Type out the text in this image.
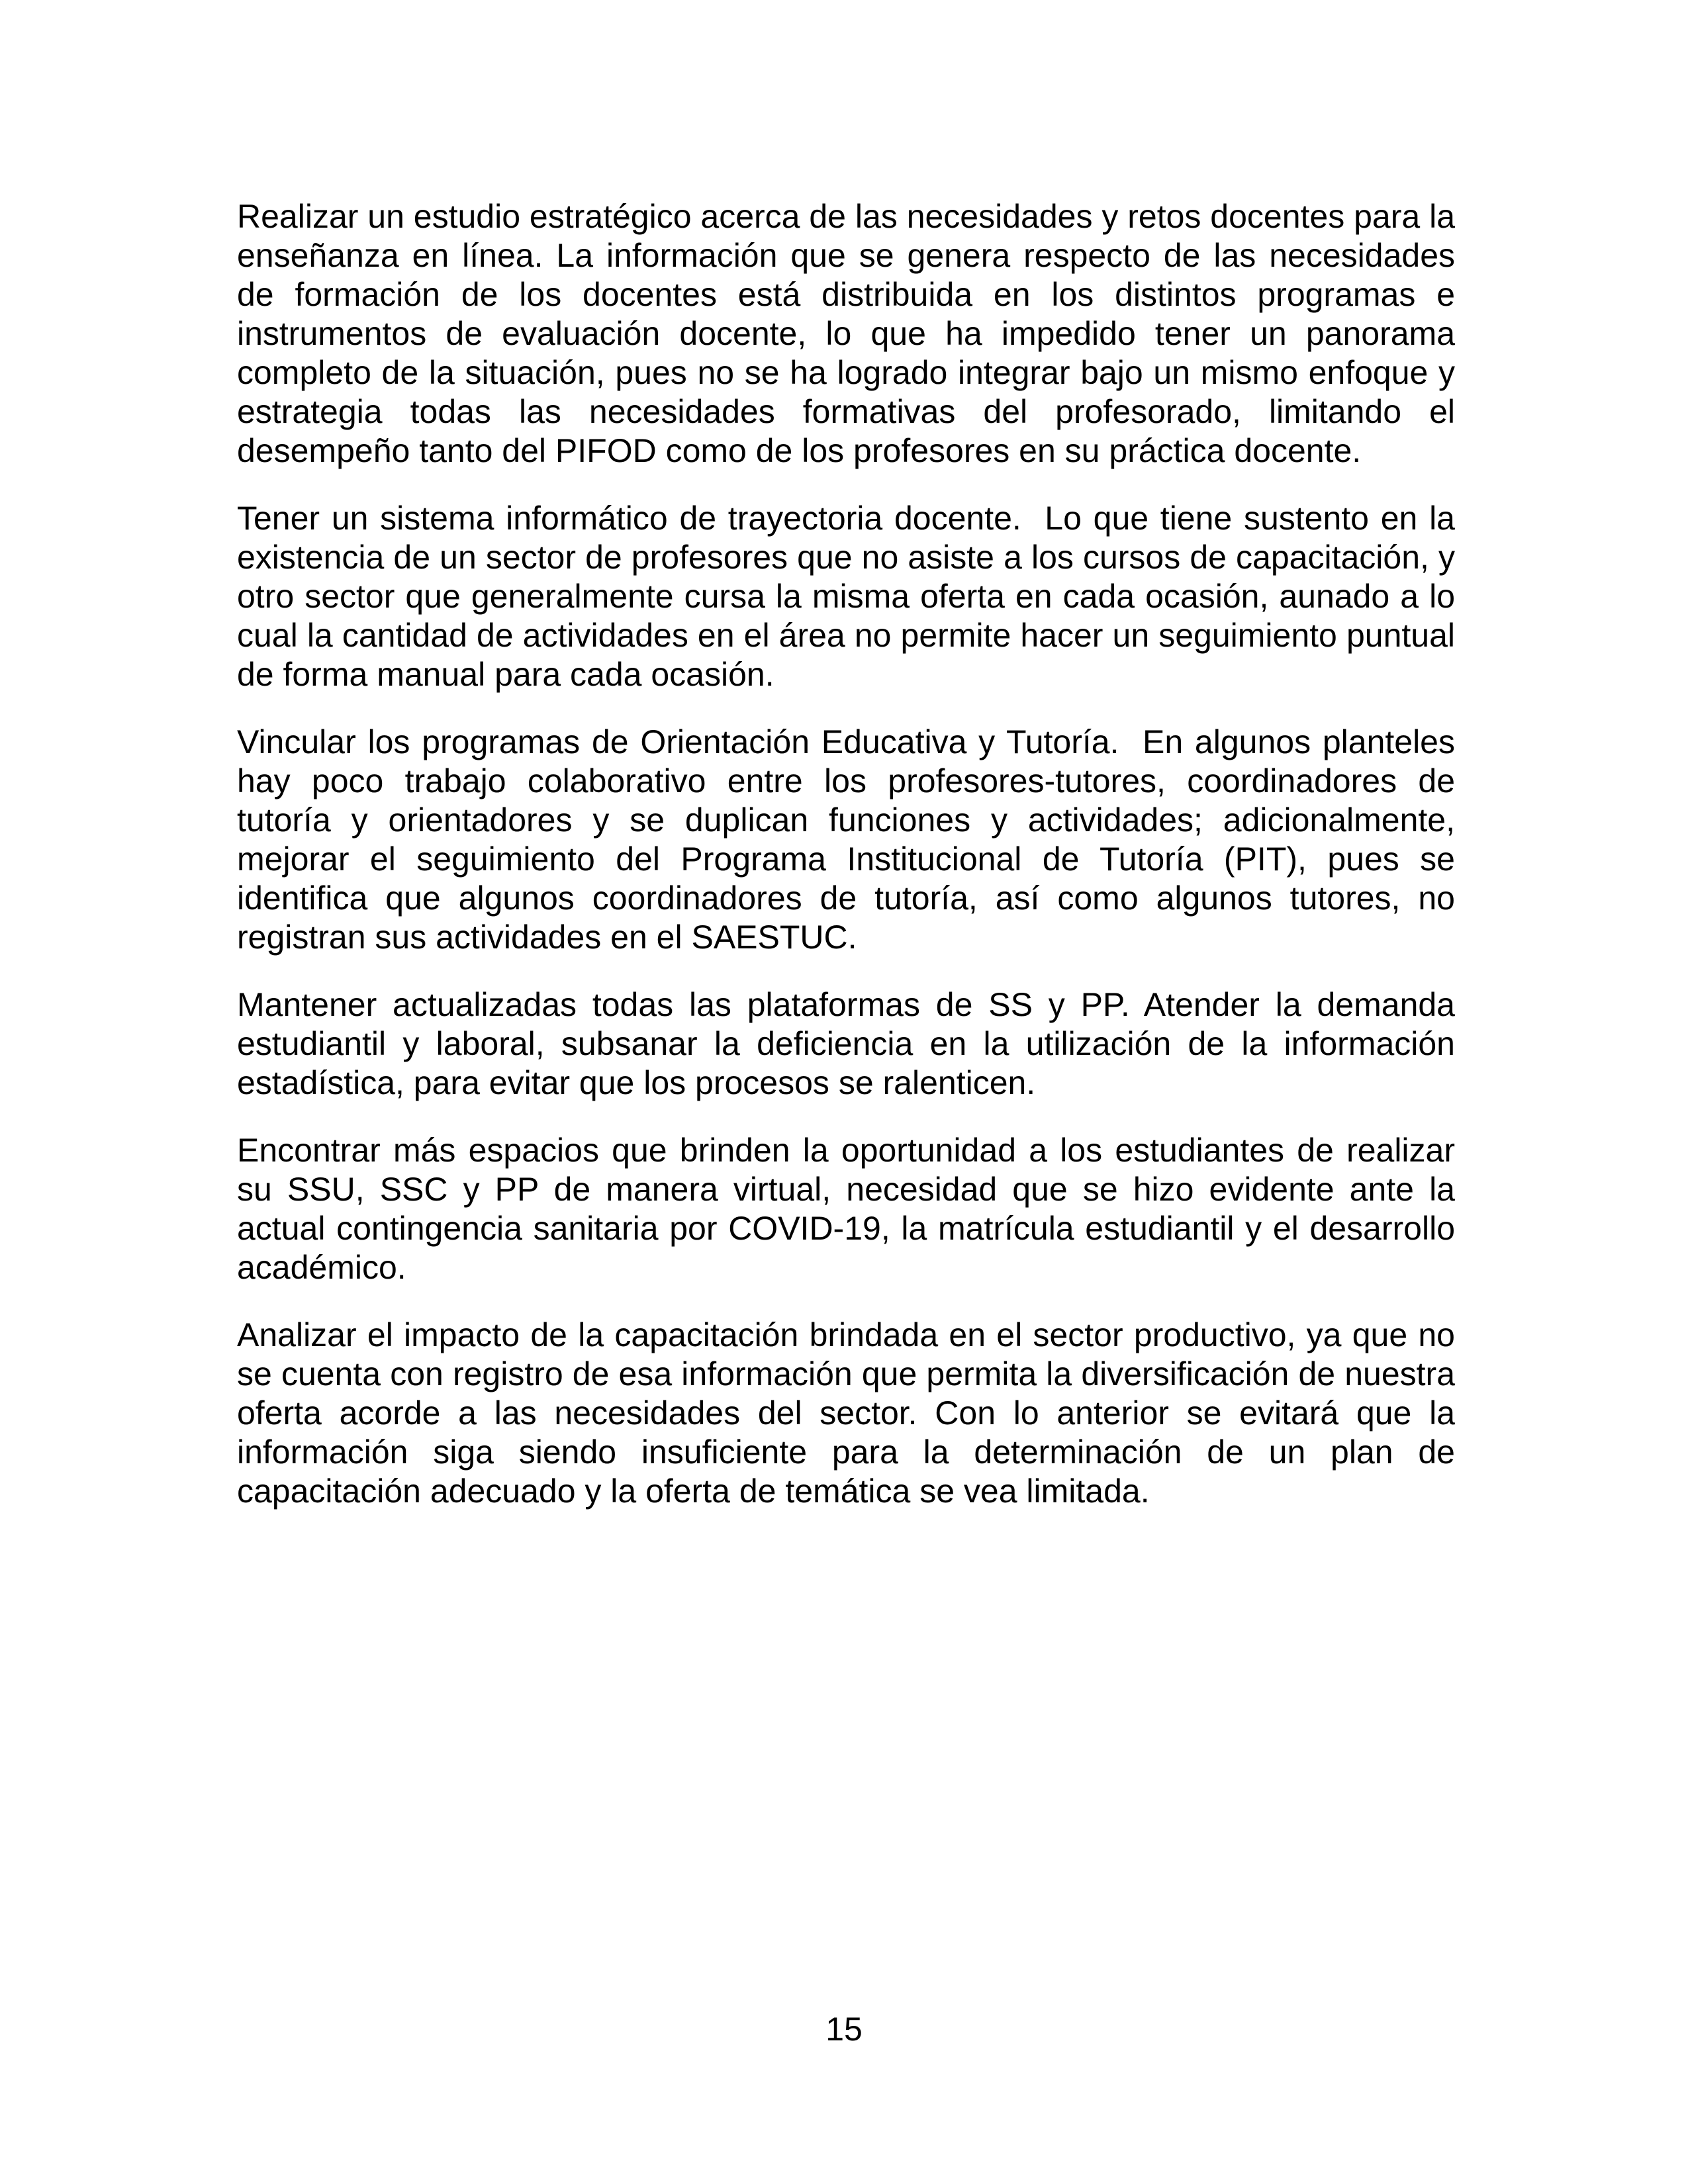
Realizar un estudio estratégico acerca de las necesidades y retos docentes para la enseñanza en línea. La información que se genera respecto de las necesidades de formación de los docentes está distribuida en los distintos programas e instrumentos de evaluación docente, lo que ha impedido tener un panorama completo de la situación, pues no se ha logrado integrar bajo un mismo enfoque y estrategia todas las necesidades formativas del profesorado, limitando el desempeño tanto del PIFOD como de los profesores en su práctica docente.

Tener un sistema informático de trayectoria docente.  Lo que tiene sustento en la existencia de un sector de profesores que no asiste a los cursos de capacitación, y otro sector que generalmente cursa la misma oferta en cada ocasión, aunado a lo cual la cantidad de actividades en el área no permite hacer un seguimiento puntual de forma manual para cada ocasión.

Vincular los programas de Orientación Educativa y Tutoría.  En algunos planteles hay poco trabajo colaborativo entre los profesores-tutores, coordinadores de tutoría y orientadores y se duplican funciones y actividades; adicionalmente, mejorar el seguimiento del Programa Institucional de Tutoría (PIT), pues se identifica que algunos coordinadores de tutoría, así como algunos tutores, no registran sus actividades en el SAESTUC.

Mantener actualizadas todas las plataformas de SS y PP. Atender la demanda estudiantil y laboral, subsanar la deficiencia en la utilización de la información estadística, para evitar que los procesos se ralenticen.

Encontrar más espacios que brinden la oportunidad a los estudiantes de realizar su SSU, SSC y PP de manera virtual, necesidad que se hizo evidente ante la actual contingencia sanitaria por COVID-19, la matrícula estudiantil y el desarrollo académico.

Analizar el impacto de la capacitación brindada en el sector productivo, ya que no se cuenta con registro de esa información que permita la diversificación de nuestra oferta acorde a las necesidades del sector. Con lo anterior se evitará que la información siga siendo insuficiente para la determinación de un plan de capacitación adecuado y la oferta de temática se vea limitada.

15
